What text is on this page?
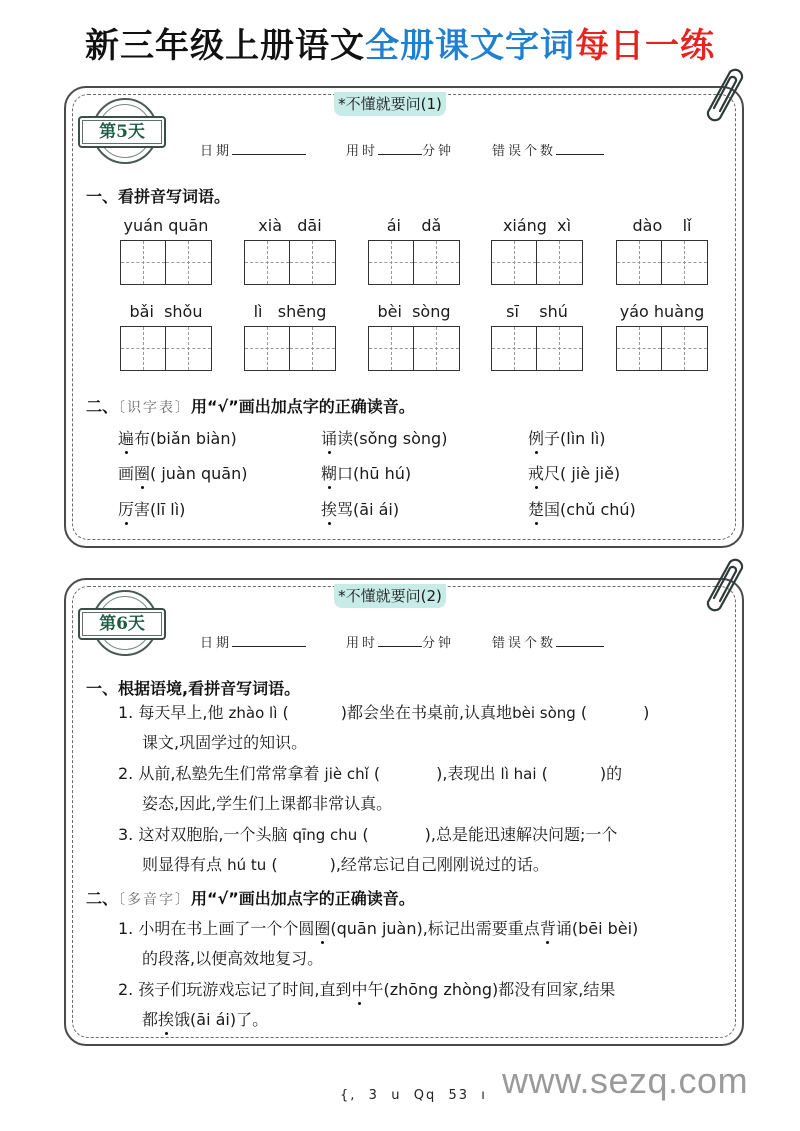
新三年级上册语文全册课文字词每日一练
*不懂就要问(1)
第5天
日期	用时	分钟	错误个数
一、看拼音写词语。
yuán quān	xià   dāi	ái    dǎ	xiáng  xì	dào    lǐ
bǎi  shǒu	lì   shēng	bèi  sòng	sī    shú	yáo huàng
二、〔识字表〕用“√”画出加点字的正确读音。
遍布(biǎn biàn)	诵读(sǒng sòng)	例子(lìn lì)
画圈( juàn quān)	糊口(hū hú)	戒尺( jiè jiě)
厉害(lī lì)	挨骂(āi ái)	楚国(chǔ chú)
*不懂就要问(2)
第6天
日期	用时	分钟	错误个数
一、根据语境,看拼音写词语。
1. 每天早上,他 zhào lì (	)都会坐在书桌前,认真地bèi sòng (	)
课文,巩固学过的知识。
2. 从前,私塾先生们常常拿着 jiè chǐ (	),表现出 lì hai (	)的
姿态,因此,学生们上课都非常认真。
3. 这对双胞胎,一个头脑 qīng chu (	),总是能迅速解决问题;一个
则显得有点 hú tu (	),经常忘记自己刚刚说过的话。
二、〔多音字〕用“√”画出加点字的正确读音。
1. 小明在书上画了一个个圆圈(quān juàn),标记出需要重点背诵(bēi bèi)
的段落,以便高效地复习。
2. 孩子们玩游戏忘记了时间,直到中午(zhōng zhòng)都没有回家,结果
都挨饿(āi ái)了。
{,  3  u  Qq  53  ı www.sezq.com
